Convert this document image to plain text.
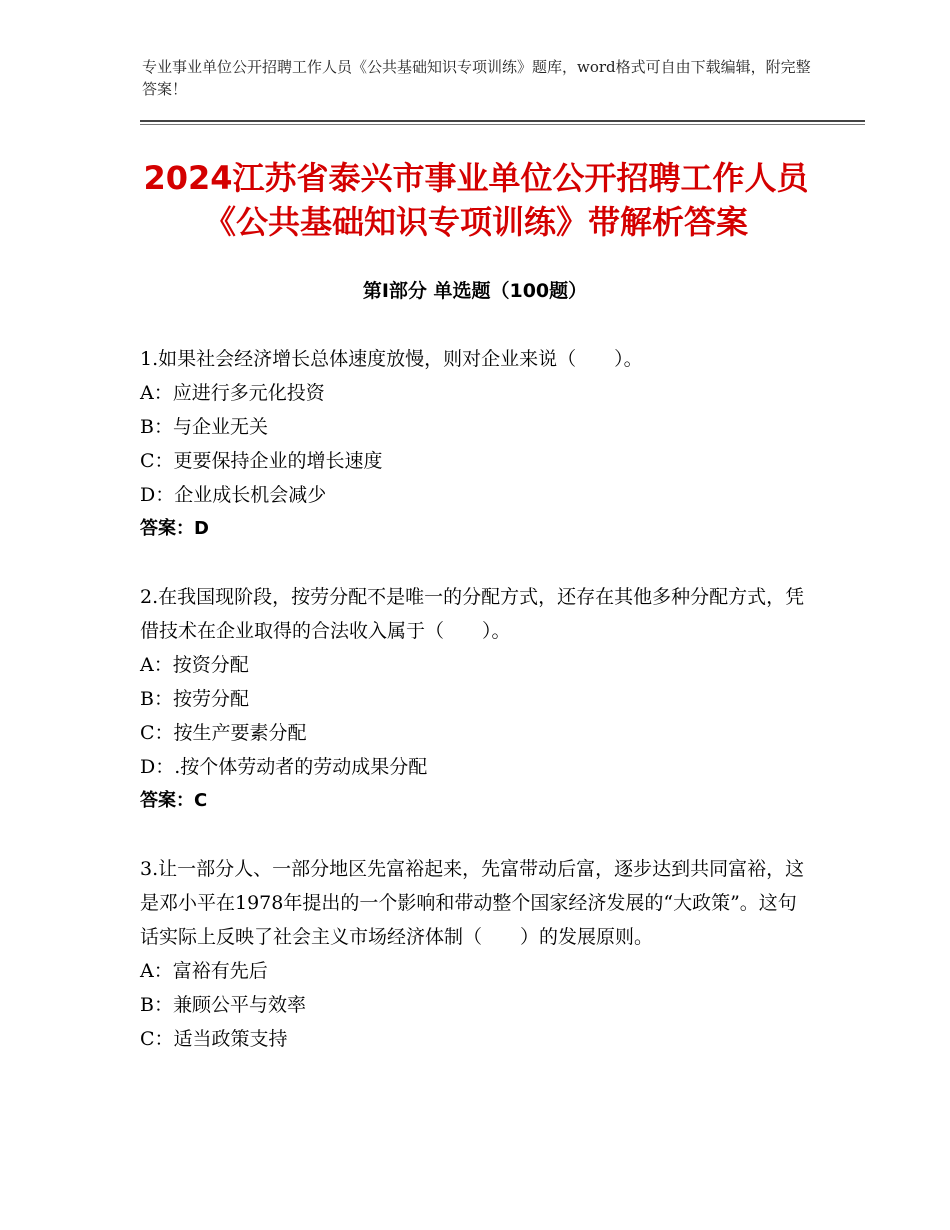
专业事业单位公开招聘工作人员《公共基础知识专项训练》题库，word格式可自由下载编辑，附完整答案！
2024江苏省泰兴市事业单位公开招聘工作人员《公共基础知识专项训练》带解析答案
第Ⅰ部分 单选题（100题）

1.如果社会经济增长总体速度放慢，则对企业来说（　　）。

A：应进行多元化投资

B：与企业无关

C：更要保持企业的增长速度

D：企业成长机会减少

答案：D

2.在我国现阶段，按劳分配不是唯一的分配方式，还存在其他多种分配方式，凭借技术在企业取得的合法收入属于（　　）。

A：按资分配

B：按劳分配

C：按生产要素分配

D：.按个体劳动者的劳动成果分配

答案：C

3.让一部分人、一部分地区先富裕起来，先富带动后富，逐步达到共同富裕，这是邓小平在1978年提出的一个影响和带动整个国家经济发展的“大政策”。这句话实际上反映了社会主义市场经济体制（　　）的发展原则。

A：富裕有先后

B：兼顾公平与效率

C：适当政策支持
